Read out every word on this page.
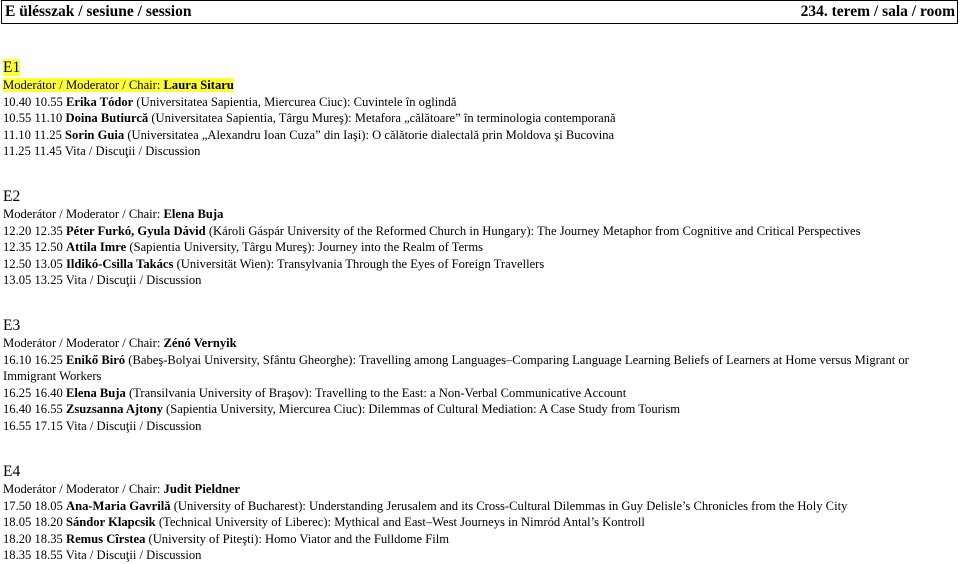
E ülésszak / sesiune / session	234. terem / sala / room
E1
Moderátor / Moderator / Chair: Laura Sitaru
10.40 10.55 Erika Tódor (Universitatea Sapientia, Miercurea Ciuc): Cuvintele în oglindă
10.55 11.10 Doina Butiurcă (Universitatea Sapientia, Târgu Mureş): Metafora „călătoare” în terminologia contemporană
11.10 11.25 Sorin Guia (Universitatea „Alexandru Ioan Cuza” din Iaşi): O călătorie dialectală prin Moldova şi Bucovina
11.25 11.45 Vita / Discuţii / Discussion
E2
Moderátor / Moderator / Chair: Elena Buja
12.20 12.35 Péter Furkó, Gyula Dávid (Károli Gáspár University of the Reformed Church in Hungary): The Journey Metaphor from Cognitive and Critical Perspectives
12.35 12.50 Attila Imre (Sapientia University, Târgu Mureş): Journey into the Realm of Terms
12.50 13.05 Ildikó-Csilla Takács (Universität Wien): Transylvania Through the Eyes of Foreign Travellers
13.05 13.25 Vita / Discuţii / Discussion
E3
Moderátor / Moderator / Chair: Zénó Vernyik
16.10 16.25 Enikő Biró (Babeş-Bolyai University, Sfântu Gheorghe): Travelling among Languages–Comparing Language Learning Beliefs of Learners at Home versus Migrant or Immigrant Workers
16.25 16.40 Elena Buja (Transilvania University of Braşov): Travelling to the East: a Non-Verbal Communicative Account
16.40 16.55 Zsuzsanna Ajtony (Sapientia University, Miercurea Ciuc): Dilemmas of Cultural Mediation: A Case Study from Tourism
16.55 17.15 Vita / Discuţii / Discussion
E4
Moderátor / Moderator / Chair: Judit Pieldner
17.50 18.05 Ana-Maria Gavrilă (University of Bucharest): Understanding Jerusalem and its Cross-Cultural Dilemmas in Guy Delisle’s Chronicles from the Holy City
18.05 18.20 Sándor Klapcsik (Technical University of Liberec): Mythical and East–West Journeys in Nimród Antal’s Kontroll
18.20 18.35 Remus Cîrstea (University of Piteşti): Homo Viator and the Fulldome Film
18.35 18.55 Vita / Discuţii / Discussion
